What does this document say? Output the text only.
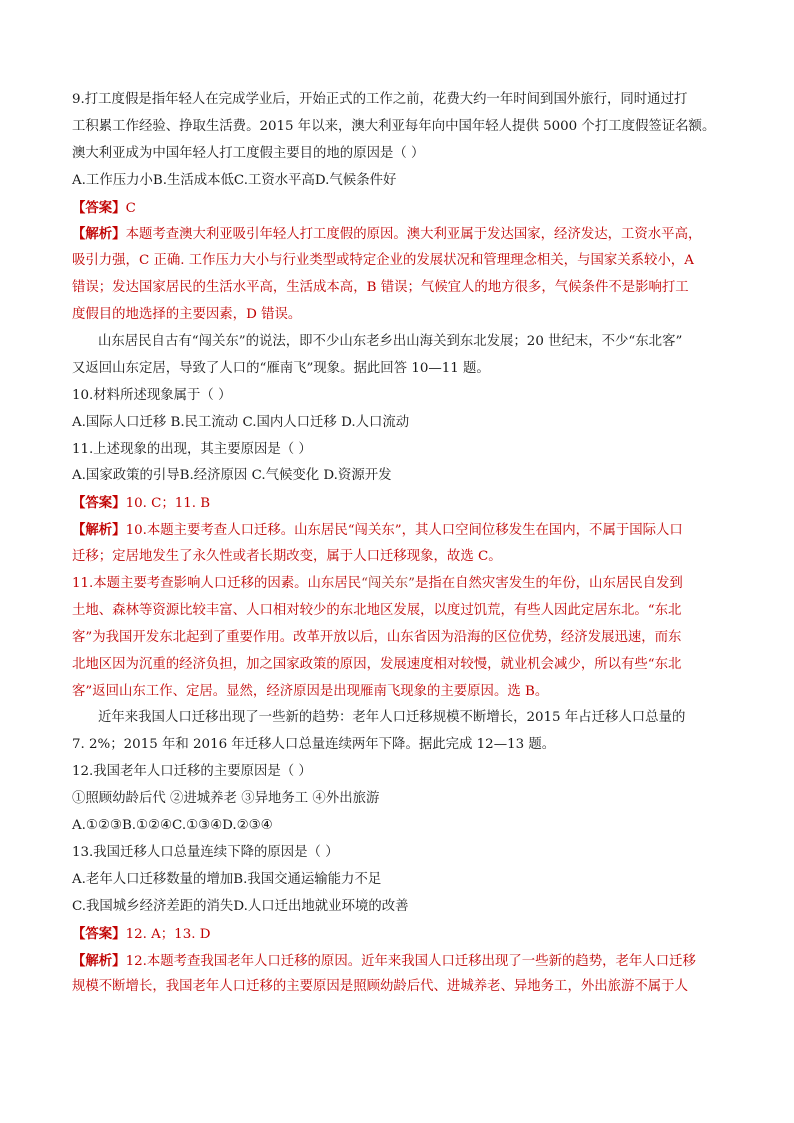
9.打工度假是指年轻人在完成学业后，开始正式的工作之前，花费大约一年时间到国外旅行，同时通过打
工积累工作经验、挣取生活费。2015 年以来，澳大利亚每年向中国年轻人提供 5000 个打工度假签证名额。
澳大利亚成为中国年轻人打工度假主要目的地的原因是（ ）
A.工作压力小B.生活成本低C.工资水平高D.气候条件好
【答案】C
【解析】本题考查澳大利亚吸引年轻人打工度假的原因。澳大利亚属于发达国家，经济发达，工资水平高，
吸引力强，C 正确. 工作压力大小与行业类型或特定企业的发展状况和管理理念相关，与国家关系较小，A
错误；发达国家居民的生活水平高，生活成本高，B 错误；气候宜人的地方很多，气候条件不是影响打工
度假目的地选择的主要因素，D 错误。
山东居民自古有“闯关东”的说法，即不少山东老乡出山海关到东北发展；20 世纪末，不少“东北客”
又返回山东定居，导致了人口的“雁南飞”现象。据此回答 10—11 题。
10.材料所述现象属于（ ）
A.国际人口迁移 B.民工流动 C.国内人口迁移 D.人口流动
11.上述现象的出现，其主要原因是（ ）
A.国家政策的引导B.经济原因 C.气候变化 D.资源开发
【答案】10. C；11. B
【解析】10.本题主要考查人口迁移。山东居民“闯关东”，其人口空间位移发生在国内，不属于国际人口
迁移；定居地发生了永久性或者长期改变，属于人口迁移现象，故选 C。
11.本题主要考查影响人口迁移的因素。山东居民“闯关东”是指在自然灾害发生的年份，山东居民自发到
土地、森林等资源比较丰富、人口相对较少的东北地区发展，以度过饥荒，有些人因此定居东北。“东北
客”为我国开发东北起到了重要作用。改革开放以后，山东省因为沿海的区位优势，经济发展迅速，而东
北地区因为沉重的经济负担，加之国家政策的原因，发展速度相对较慢，就业机会减少，所以有些“东北
客”返回山东工作、定居。显然，经济原因是出现雁南飞现象的主要原因。选 B。
近年来我国人口迁移出现了一些新的趋势：老年人口迁移规模不断增长，2015 年占迁移人口总量的
7. 2%；2015 年和 2016 年迁移人口总量连续两年下降。据此完成 12—13 题。
12.我国老年人口迁移的主要原因是（ ）
①照顾幼龄后代 ②进城养老 ③异地务工 ④外出旅游
A.①②③B.①②④C.①③④D.②③④
13.我国迁移人口总量连续下降的原因是（ ）
A.老年人口迁移数量的增加B.我国交通运输能力不足
C.我国城乡经济差距的消失D.人口迁出地就业环境的改善
【答案】12. A；13. D
【解析】12.本题考查我国老年人口迁移的原因。近年来我国人口迁移出现了一些新的趋势，老年人口迁移
规模不断增长，我国老年人口迁移的主要原因是照顾幼龄后代、进城养老、异地务工，外出旅游不属于人
